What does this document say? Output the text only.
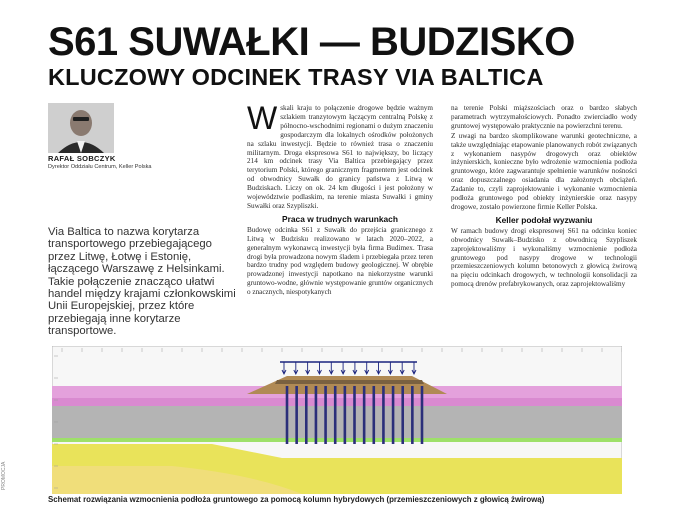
S61 SUWAŁKI — BUDZISKO
KLUCZOWY ODCINEK TRASY VIA BALTICA
RAFAŁ SOBCZYK
Dyrektor Oddziału Centrum, Keller Polska

Via Baltica to nazwa korytarza transportowego przebiegającego przez Litwę, Łotwę i Estonię, łączącego Warszawę z Helsinkami. Takie połączenie znacząco ułatwi handel między krajami członkowskimi Unii Europejskiej, przez które przebiegają inne korytarze transportowe.

W skali kraju to połączenie drogowe będzie ważnym szlakiem tranzytowym łączącym centralną Polskę z północno-wschodnimi regionami o dużym znaczeniu gospodarczym dla lokalnych ośrodków położonych na szlaku inwestycji. Będzie to również trasa o znaczeniu militarnym. Droga ekspresowa S61 to największy, bo liczący 214 km odcinek trasy Via Baltica przebiegający przez terytorium Polski, którego granicznym fragmentem jest odcinek od obwodnicy Suwałk do granicy państwa z Litwą w Budziskach. Liczy on ok. 24 km długości i jest położony w województwie podlaskim, na terenie miasta Suwałki i gminy Suwałki oraz Szypliszki.

Praca w trudnych warunkach

Budowę odcinka S61 z Suwałk do przejścia granicznego z Litwą w Budzisku realizowano w latach 2020–2022, a generalnym wykonawcą inwestycji była firma Budimex. Trasa drogi była prowadzona nowym śladem i przebiegała przez teren bardzo trudny pod względem budowy geologicznej. W obrębie prowadzonej inwestycji napotkano na niekorzystne warunki gruntowo-wodne, głównie występowanie gruntów organicznych o znacznych, niespotykanych

na terenie Polski miąższościach oraz o bardzo słabych parametrach wytrzymałościowych. Ponadto zwierciadło wody gruntowej występowało praktycznie na powierzchni terenu.

Z uwagi na bardzo skomplikowane warunki geotechniczne, a także uwzględniając etapowanie planowanych robót związanych z wykonaniem nasypów drogowych oraz obiektów inżynierskich, konieczne było wdrożenie wzmocnienia podłoża gruntowego, które zagwarantuje spełnienie warunków nośności oraz dopuszczalnego osiadania dla założonych obciążeń. Zadanie to, czyli zaprojektowanie i wykonanie wzmocnienia podłoża gruntowego pod obiekty inżynierskie oraz nasypy drogowe, zostało powierzone firmie Keller Polska.

Keller podołał wyzwaniu

W ramach budowy drogi ekspresowej S61 na odcinku koniec obwodnicy Suwałk–Budzisko z obwodnicą Szypliszek zaprojektowaliśmy i wykonaliśmy wzmocnienie podłoża gruntowego pod nasypy drogowe w technologii przemieszczeniowych kolumn betonowych z głowicą żwirową na pięciu odcinkach drogowych, w technologii konsolidacji za pomocą drenów prefabrykowanych, oraz zaprojektowaliśmy

Schemat rozwiązania wzmocnienia podłoża gruntowego za pomocą kolumn hybrydowych (przemieszczeniowych z głowicą żwirową)
PROMOCJA
